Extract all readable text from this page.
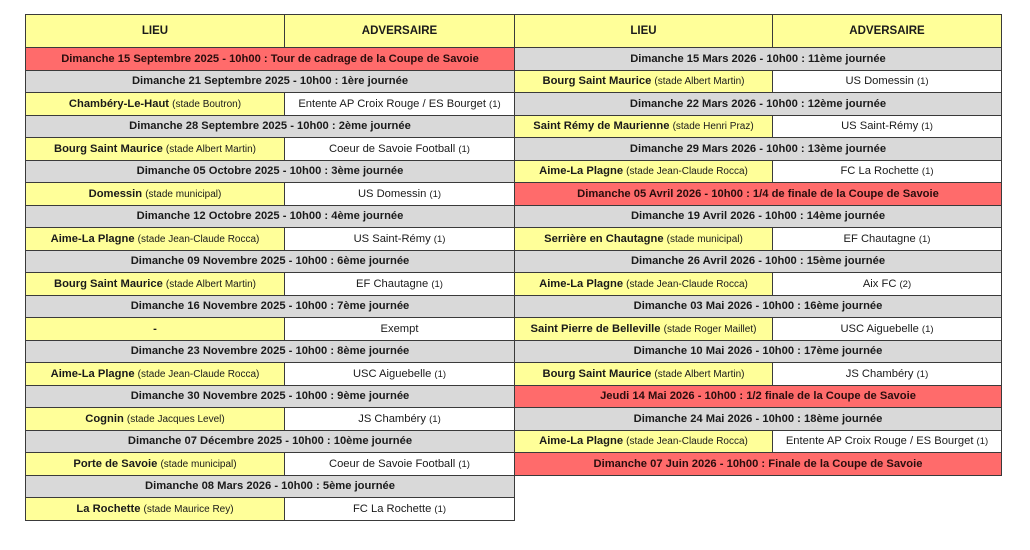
LIEU	ADVERSAIRE
Dimanche 15 Septembre 2025 - 10h00 : Tour de cadrage de la Coupe de Savoie	
Dimanche 21 Septembre 2025 - 10h00 : 1ère journée	
Chambéry-Le-Haut (stade Boutron)	Entente AP Croix Rouge / ES Bourget (1)
Dimanche 28 Septembre 2025 - 10h00 : 2ème journée	
Bourg Saint Maurice (stade Albert Martin)	Coeur de Savoie Football (1)
Dimanche 05 Octobre 2025 - 10h00 : 3ème journée	
Domessin (stade municipal)	US Domessin (1)
Dimanche 12 Octobre 2025 - 10h00 : 4ème journée	
Aime-La Plagne (stade Jean-Claude Rocca)	US Saint-Rémy (1)
Dimanche 09 Novembre 2025 - 10h00 : 6ème journée	
Bourg Saint Maurice (stade Albert Martin)	EF Chautagne (1)
Dimanche 16 Novembre 2025 - 10h00 : 7ème journée	
-	Exempt
Dimanche 23 Novembre 2025 - 10h00 : 8ème journée	
Aime-La Plagne (stade Jean-Claude Rocca)	USC Aiguebelle (1)
Dimanche 30 Novembre 2025 - 10h00 : 9ème journée	
Cognin (stade Jacques Level)	JS Chambéry (1)
Dimanche 07 Décembre 2025 - 10h00 : 10ème journée	
Porte de Savoie (stade municipal)	Coeur de Savoie Football (1)
Dimanche 08 Mars 2026 - 10h00 : 5ème journée	
La Rochette (stade Maurice Rey)	FC La Rochette (1)
LIEU	ADVERSAIRE
Dimanche 15 Mars 2026 - 10h00 : 11ème journée	
Bourg Saint Maurice (stade Albert Martin)	US Domessin (1)
Dimanche 22 Mars 2026 - 10h00 : 12ème journée	
Saint Rémy de Maurienne (stade Henri Praz)	US Saint-Rémy (1)
Dimanche 29 Mars 2026 - 10h00 : 13ème journée	
Aime-La Plagne (stade Jean-Claude Rocca)	FC La Rochette (1)
Dimanche 05 Avril 2026 - 10h00 : 1/4 de finale de la Coupe de Savoie	
Dimanche 19 Avril 2026 - 10h00 : 14ème journée	
Serrière en Chautagne (stade municipal)	EF Chautagne (1)
Dimanche 26 Avril 2026 - 10h00 : 15ème journée	
Aime-La Plagne (stade Jean-Claude Rocca)	Aix FC (2)
Dimanche 03 Mai 2026 - 10h00 : 16ème journée	
Saint Pierre de Belleville (stade Roger Maillet)	USC Aiguebelle (1)
Dimanche 10 Mai 2026 - 10h00 : 17ème journée	
Bourg Saint Maurice (stade Albert Martin)	JS Chambéry (1)
Jeudi 14 Mai 2026 - 10h00 : 1/2 finale de la Coupe de Savoie	
Dimanche 24 Mai 2026 - 10h00 : 18ème journée	
Aime-La Plagne (stade Jean-Claude Rocca)	Entente AP Croix Rouge / ES Bourget (1)
Dimanche 07 Juin 2026 - 10h00 : Finale de la Coupe de Savoie	
